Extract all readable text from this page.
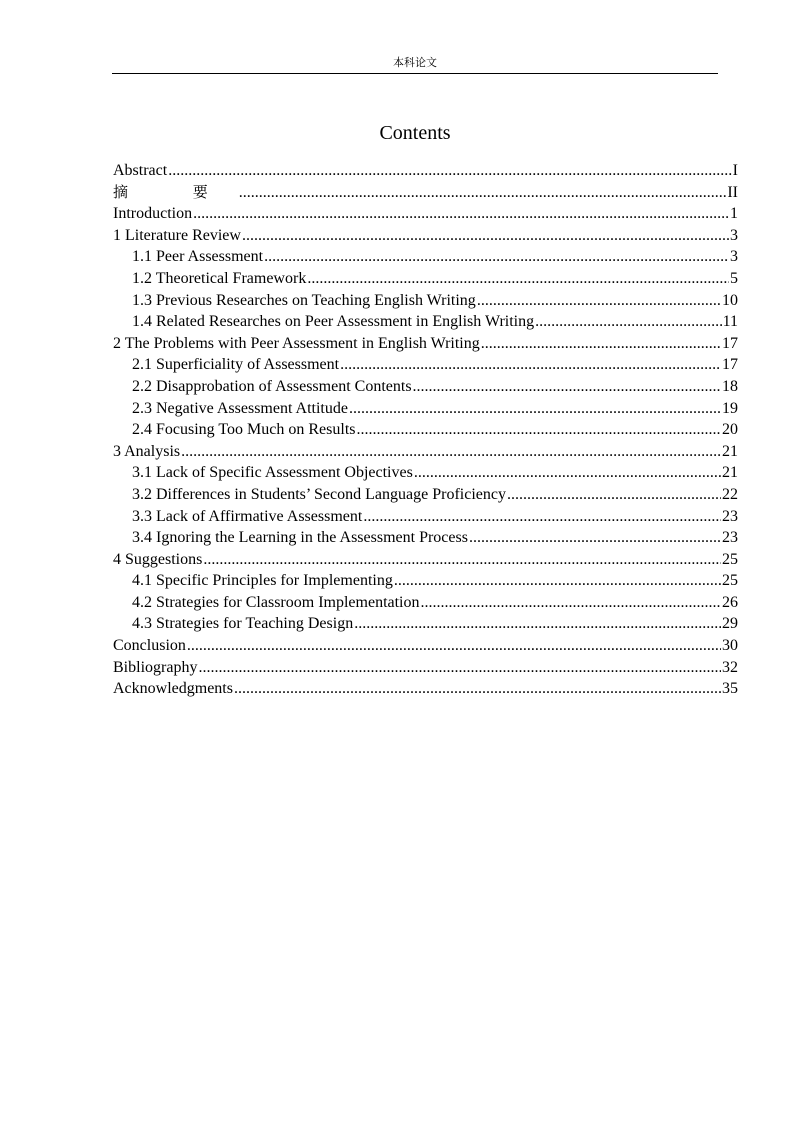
本科论文
Contents
Abstract .....	I
摘 要 .....	II
Introduction .....	1
1 Literature Review .....	3
1.1 Peer Assessment .....	3
1.2 Theoretical Framework .....	5
1.3 Previous Researches on Teaching English Writing .....	10
1.4 Related Researches on Peer Assessment in English Writing .....	11
2 The Problems with Peer Assessment in English Writing .....	17
2.1 Superficiality of Assessment .....	17
2.2 Disapprobation of Assessment Contents .....	18
2.3 Negative Assessment Attitude .....	19
2.4 Focusing Too Much on Results .....	20
3 Analysis .....	21
3.1 Lack of Specific Assessment Objectives .....	21
3.2 Differences in Students’ Second Language Proficiency .....	22
3.3 Lack of Affirmative Assessment .....	23
3.4 Ignoring the Learning in the Assessment Process .....	23
4 Suggestions .....	25
4.1 Specific Principles for Implementing .....	25
4.2 Strategies for Classroom Implementation .....	26
4.3 Strategies for Teaching Design .....	29
Conclusion .....	30
Bibliography .....	32
Acknowledgments .....	35
